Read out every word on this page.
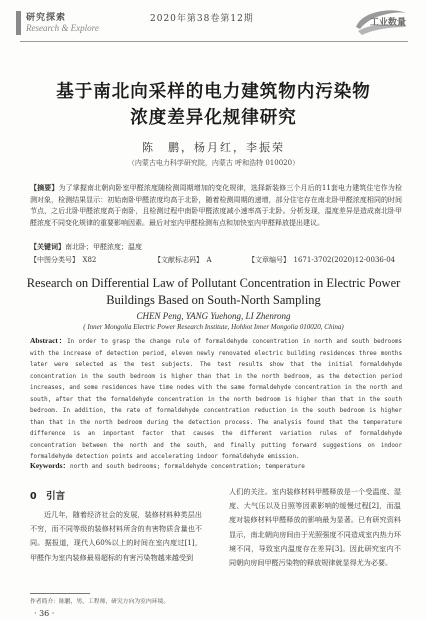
研究探索
Research & Explore
2020年第38卷第12期	工业数量
基于南北向采样的电力建筑物内污染物
浓度差异化规律研究
陈　鹏，杨月红，李振荣
（内蒙古电力科学研究院，内蒙古 呼和浩特 010020）
【摘要】为了掌握南北朝向卧室甲醛浓度随检测周期增加的变化规律，选择新装修三个月后的11套电力建筑住宅作为检测对象，检测结果显示：初始南卧甲醛浓度均高于北卧，随着检测周期的递增，部分住宅存在南北卧甲醛浓度相同的时间节点，之后北卧甲醛浓度高于南卧，且检测过程中南卧甲醛浓度减小速率高于北卧。分析发现，温度差异是造成南北卧甲醛浓度不同变化规律的重要影响因素。最后对室内甲醛检测布点和加快室内甲醛释放提出建议。
【关键词】南北卧；甲醛浓度；温度
【中图分类号】　X82	【文献标志码】　A	【文章编号】　1671-3702(2020)12-0036-04
Research on Differential Law of Pollutant Concentration in Electric Power
Buildings Based on South-North Sampling
CHEN Peng, YANG Yuehong, LI Zhenrong
( Inner Mongolia Electric Power Research Institute, Hohhot Inner Mongolia 010020, China)
Abstract：In order to grasp the change rule of formaldehyde concentration in north and south bedrooms with the increase of detection period, eleven newly renovated electric building residences three months later were selected as the test subjects. The test results show that the initial formaldehyde concentration in the south bedroom is higher than that in the north bedroom, as the detection period increases, and some residences have time nodes with the same formaldehyde concentration in the north and south, after that the formaldehyde concentration in the north bedroom is higher than that in the south bedroom. In addition, the rate of formaldehyde concentration reduction in the south bedroom is higher than that in the north bedroom during the detection process. The analysis found that the temperature difference is an important factor that causes the different variation rules of formaldehyde concentration between the north and the south, and finally putting forward suggestions on indoor formaldehyde detection points and accelerating indoor formaldehyde emission.
Keywords：north and south bedrooms; formaldehyde concentration; temperature
0　引言
近几年，随着经济社会的发展，装修材料种类层出不穷，而不同等级的装修材料所含的有害物质含量也不同。据报道，现代人60%以上的时间在室内度过[1]，甲醛作为室内装修最易超标的有害污染物越来越受到
人们的关注。室内装修材料甲醛释放是一个受温度、湿度、大气压以及日照等因素影响的缓慢过程[2]，而温度对装修材料甲醛释放的影响最为显著。已有研究资料显示，南北朝向房间由于光照强度不同造成室内热力环境不同，导致室内温度存在差异[3]。因此研究室内不同朝向房间甲醛污染物的释放规律就显得尤为必要。
作者简介：陈鹏，男，工程师，研究方向为室内环境。
· 36 ·
